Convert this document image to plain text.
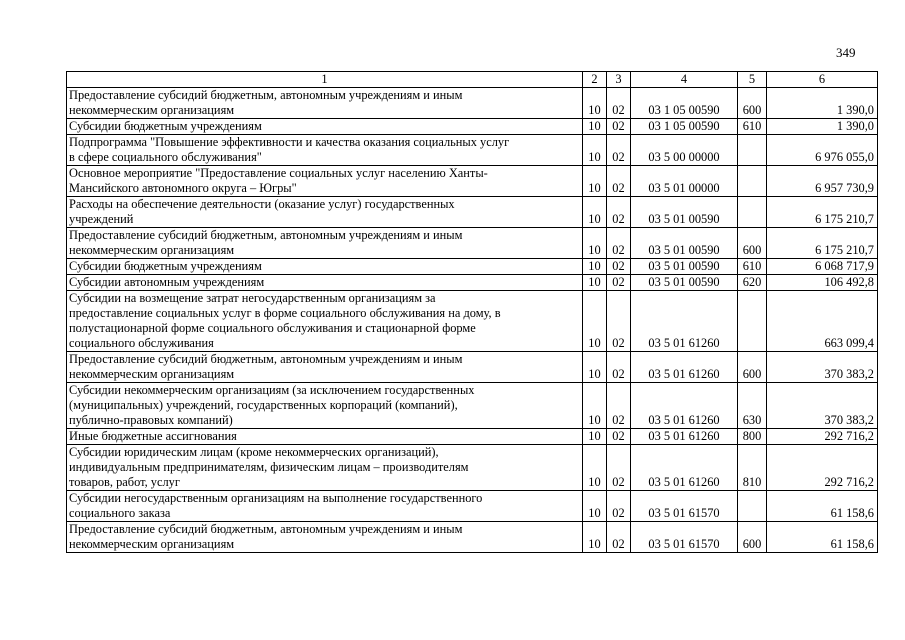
349
1	2	3	4	5	6

Предоставление субсидий бюджетным, автономным учреждениям и иным
некоммерческим организациям	10	02	03 1 05 00590	600	1 390,0

Субсидии бюджетным учреждениям	10	02	03 1 05 00590	610	1 390,0

Подпрограмма "Повышение эффективности и качества оказания социальных услуг
в сфере социального обслуживания"	10	02	03 5 00 00000		6 976 055,0

Основное мероприятие "Предоставление социальных услуг населению Ханты-
Мансийского автономного округа – Югры"	10	02	03 5 01 00000		6 957 730,9

Расходы на обеспечение деятельности (оказание услуг) государственных
учреждений	10	02	03 5 01 00590		6 175 210,7

Предоставление субсидий бюджетным, автономным учреждениям и иным
некоммерческим организациям	10	02	03 5 01 00590	600	6 175 210,7

Субсидии бюджетным учреждениям	10	02	03 5 01 00590	610	6 068 717,9

Субсидии автономным учреждениям	10	02	03 5 01 00590	620	106 492,8

Субсидии на возмещение затрат негосударственным организациям за
предоставление социальных услуг в форме социального обслуживания на дому, в
полустационарной форме социального обслуживания и стационарной форме
социального обслуживания	10	02	03 5 01 61260		663 099,4

Предоставление субсидий бюджетным, автономным учреждениям и иным
некоммерческим организациям	10	02	03 5 01 61260	600	370 383,2

Субсидии некоммерческим организациям (за исключением государственных
(муниципальных) учреждений, государственных корпораций (компаний),
публично-правовых компаний)	10	02	03 5 01 61260	630	370 383,2

Иные бюджетные ассигнования	10	02	03 5 01 61260	800	292 716,2

Субсидии юридическим лицам (кроме некоммерческих организаций),
индивидуальным предпринимателям, физическим лицам – производителям
товаров, работ, услуг	10	02	03 5 01 61260	810	292 716,2

Субсидии негосударственным организациям на выполнение государственного
социального заказа	10	02	03 5 01 61570		61 158,6

Предоставление субсидий бюджетным, автономным учреждениям и иным
некоммерческим организациям	10	02	03 5 01 61570	600	61 158,6
